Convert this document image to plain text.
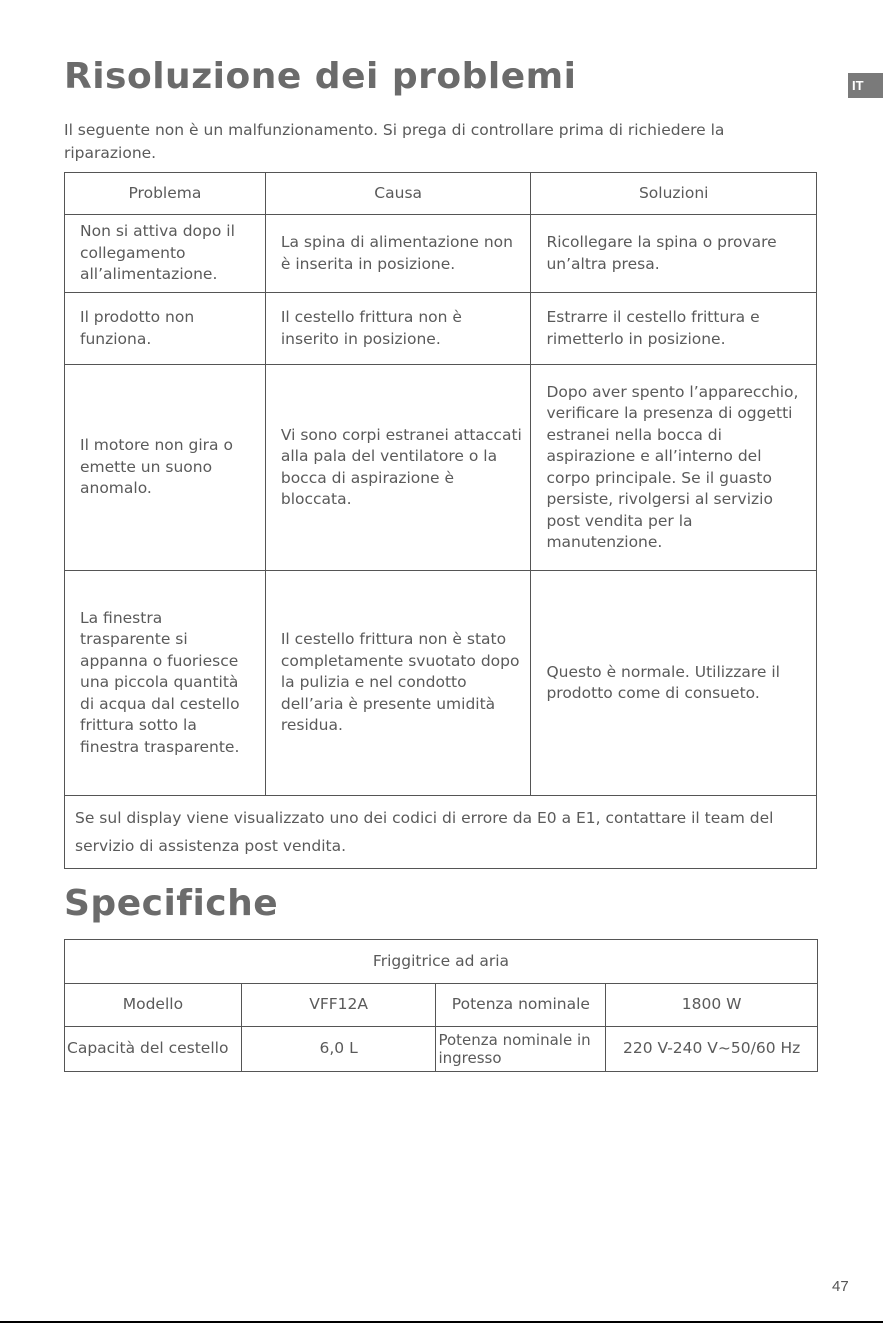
IT
Risoluzione dei problemi
Il seguente non è un malfunzionamento. Si prega di controllare prima di richiedere la riparazione.
Problema	Causa	Soluzioni
Non si attiva dopo il collegamento all’alimentazione.	La spina di alimentazione non è inserita in posizione.	Ricollegare la spina o provare un’altra presa.
Il prodotto non funziona.	Il cestello frittura non è inserito in posizione.	Estrarre il cestello frittura e rimetterlo in posizione.
Il motore non gira o emette un suono anomalo.	Vi sono corpi estranei attaccati alla pala del ventilatore o la bocca di aspirazione è bloccata.	Dopo aver spento l’apparecchio, verificare la presenza di oggetti estranei nella bocca di aspirazione e all’interno del corpo principale. Se il guasto persiste, rivolgersi al servizio post vendita per la manutenzione.
La finestra trasparente si appanna o fuoriesce una piccola quantità di acqua dal cestello frittura sotto la finestra trasparente.	Il cestello frittura non è stato completamente svuotato dopo la pulizia e nel condotto dell’aria è presente umidità residua.	Questo è normale. Utilizzare il prodotto come di consueto.
Se sul display viene visualizzato uno dei codici di errore da E0 a E1, contattare il team del servizio di assistenza post vendita.		
Specifiche
Friggitrice ad aria			
Modello	VFF12A	Potenza nominale	1800 W
Capacità del cestello	6,0 L	Potenza nominale in ingresso	220 V-240 V~50/60 Hz
47
